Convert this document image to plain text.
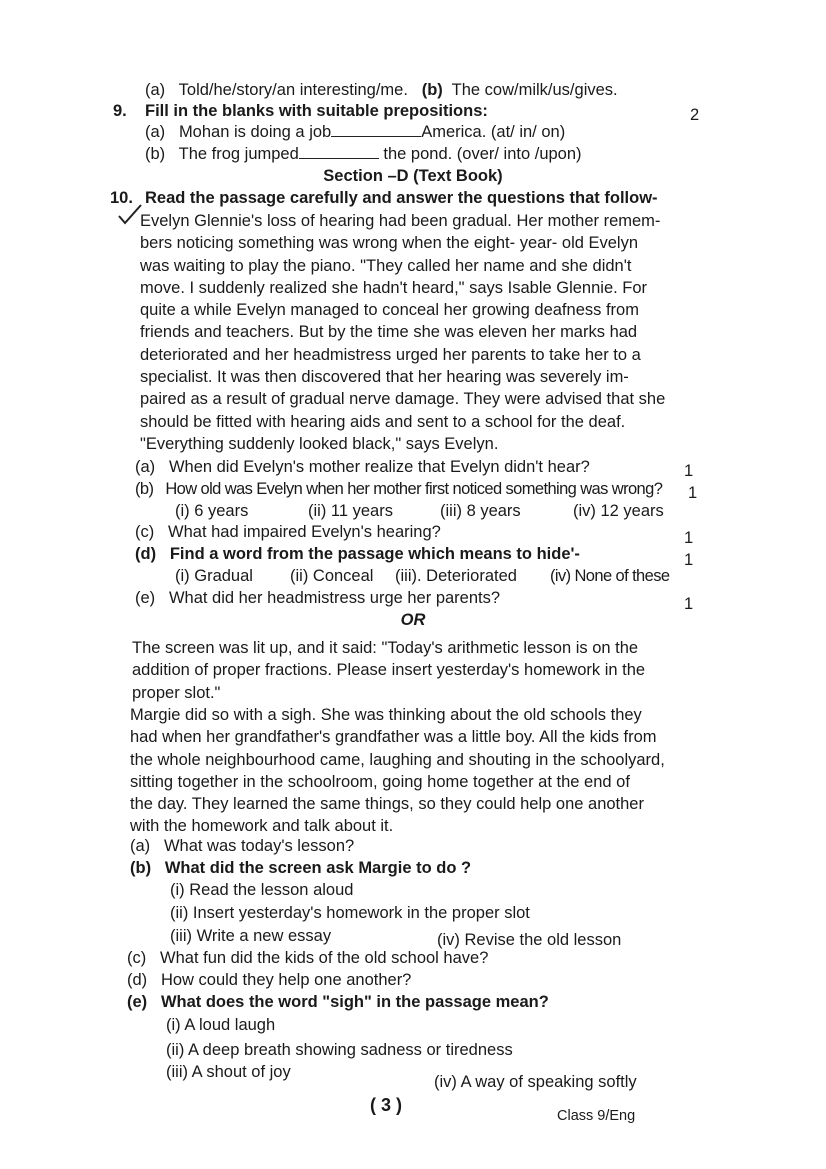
(a) Told/he/story/an interesting/me. (b) The cow/milk/us/gives.
9. Fill in the blanks with suitable prepositions:	2
(a) Mohan is doing a job	America. (at/ in/ on)
(b) The frog jumped	the pond. (over/ into /upon)
Section –D (Text Book)
10. Read the passage carefully and answer the questions that follow-

Evelyn Glennie's loss of hearing had been gradual. Her mother remem-

bers noticing something was wrong when the eight- year- old Evelyn

was waiting to play the piano. "They called her name and she didn't

move. I suddenly realized she hadn't heard," says Isable Glennie. For

quite a while Evelyn managed to conceal her growing deafness from

friends and teachers. But by the time she was eleven her marks had

deteriorated and her headmistress urged her parents to take her to a

specialist. It was then discovered that her hearing was severely im-

paired as a result of gradual nerve damage. They were advised that she

should be fitted with hearing aids and sent to a school for the deaf.

"Everything suddenly looked black," says Evelyn.

(a) When did Evelyn's mother realize that Evelyn didn't hear?	1
(b) How old was Evelyn when her mother first noticed something was wrong? 1
(i) 6 years	(ii) 11 years	(iii) 8 years	(iv) 12 years
(c) What had impaired Evelyn's hearing?	1
(d) Find a word from the passage which means to hide'-	1
(i) Gradual (ii) Conceal (iii). Deteriorated (iv) None of these
(e) What did her headmistress urge her parents?	1
OR

The screen was lit up, and it said: "Today's arithmetic lesson is on the

addition of proper fractions. Please insert yesterday's homework in the

proper slot."

Margie did so with a sigh. She was thinking about the old schools they

had when her grandfather's grandfather was a little boy. All the kids from

the whole neighbourhood came, laughing and shouting in the schoolyard,

sitting together in the schoolroom, going home together at the end of

the day. They learned the same things, so they could help one another

with the homework and talk about it.

(a) What was today's lesson?
(b) What did the screen ask Margie to do ?
(i) Read the lesson aloud
(ii) Insert yesterday's homework in the proper slot
(iii) Write a new essay	(iv) Revise the old lesson
(c) What fun did the kids of the old school have?
(d) How could they help one another?
(e) What does the word "sigh" in the passage mean?
(i) A loud laugh
(ii) A deep breath showing sadness or tiredness
(iii) A shout of joy
(iv) A way of speaking softly
( 3 )
Class 9/Eng
